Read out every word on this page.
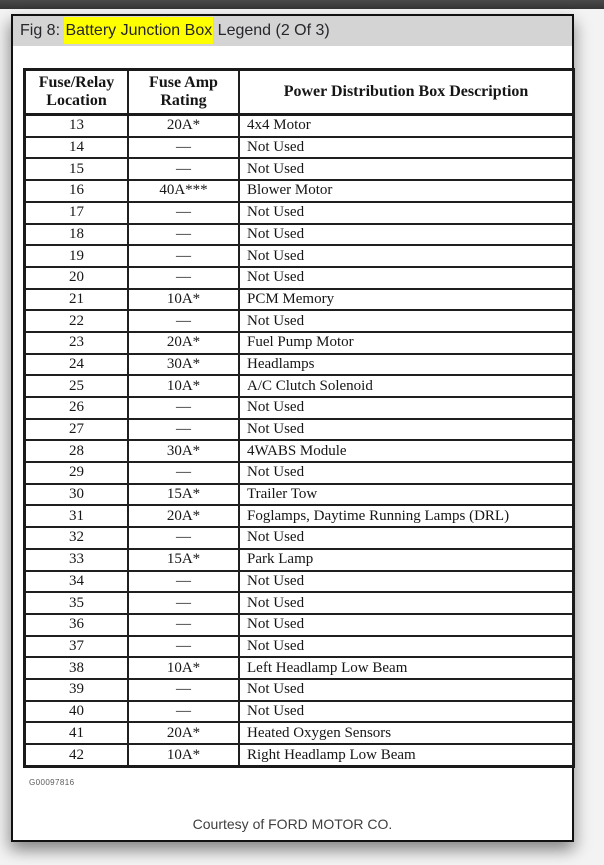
Fig 8: Battery Junction Box Legend (2 Of 3)
Fuse/Relay Location	Fuse Amp Rating	Power Distribution Box Description
13	20A*	4x4 Motor
14	—	Not Used
15	—	Not Used
16	40A***	Blower Motor
17	—	Not Used
18	—	Not Used
19	—	Not Used
20	—	Not Used
21	10A*	PCM Memory
22	—	Not Used
23	20A*	Fuel Pump Motor
24	30A*	Headlamps
25	10A*	A/C Clutch Solenoid
26	—	Not Used
27	—	Not Used
28	30A*	4WABS Module
29	—	Not Used
30	15A*	Trailer Tow
31	20A*	Foglamps, Daytime Running Lamps (DRL)
32	—	Not Used
33	15A*	Park Lamp
34	—	Not Used
35	—	Not Used
36	—	Not Used
37	—	Not Used
38	10A*	Left Headlamp Low Beam
39	—	Not Used
40	—	Not Used
41	20A*	Heated Oxygen Sensors
42	10A*	Right Headlamp Low Beam
G00097816
Courtesy of FORD MOTOR CO.
